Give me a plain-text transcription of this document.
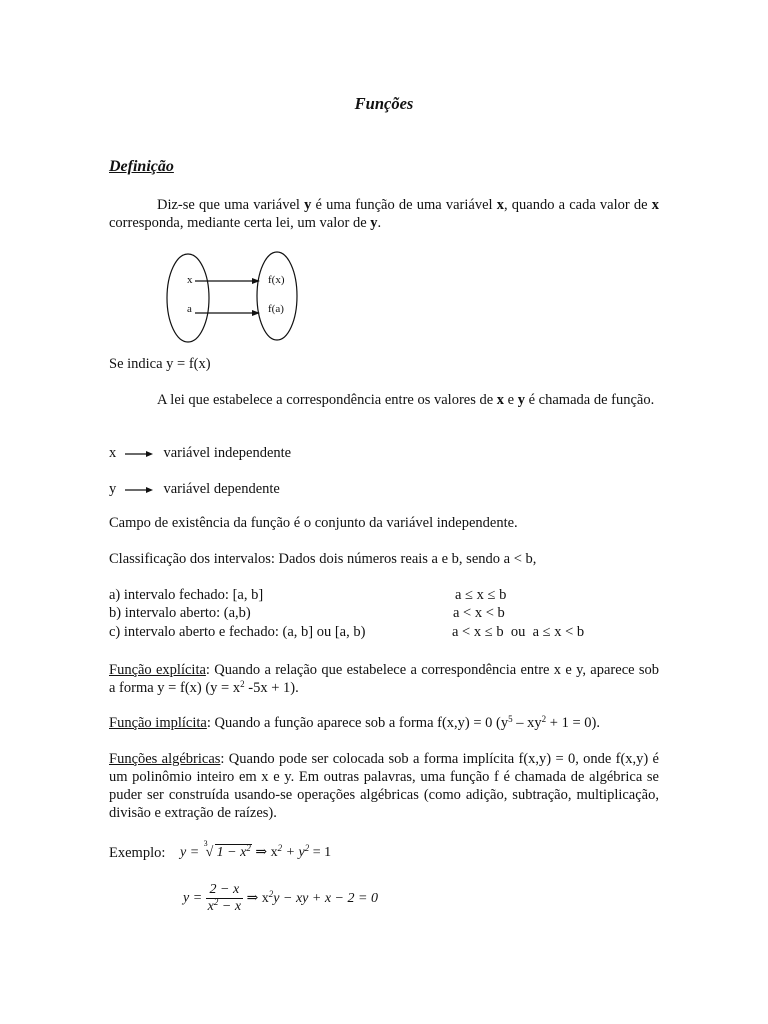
Funções
Definição
Diz-se que uma variável y é uma função de uma variável x, quando a cada valor de x corresponda, mediante certa lei, um valor de y.
x
a
f(x)
f(a)
Se indica y = f(x)
A lei que estabelece a correspondência entre os valores de x e y é chamada de função.
x	variável independente
y	variável dependente
Campo de existência da função é o conjunto da variável independente.
Classificação dos intervalos: Dados dois números reais a e b, sendo a < b,
a) intervalo fechado: [a, b]	a ≤ x ≤ b
b) intervalo aberto: (a,b)	a < x < b
c) intervalo aberto e fechado: (a, b] ou [a, b)	a < x ≤ b  ou  a ≤ x < b
Função explícita: Quando a relação que estabelece a correspondência entre x e y, aparece sob a forma y = f(x) ($y = x^2$ -5x + 1).
Função implícita: Quando a função aparece sob a forma f(x,y) = 0 $(y^5 - xy^2 + 1 = 0)$.
Funções algébricas: Quando pode ser colocada sob a forma implícita f(x,y) = 0, onde f(x,y) é um polinômio inteiro em x e y. Em outras palavras, uma função f é chamada de algébrica se puder ser construída usando-se operações algébricas (como adição, subtração, multiplicação, divisão e extração de raízes).
Exemplo: y =
3
√ $1 - x^2$ ⇒ $x^2 + y^2 = 1$
$y = \frac{2 - x}{x^2 - x}$ ⇒ $x^2y$ − xy + x − 2 = 0
